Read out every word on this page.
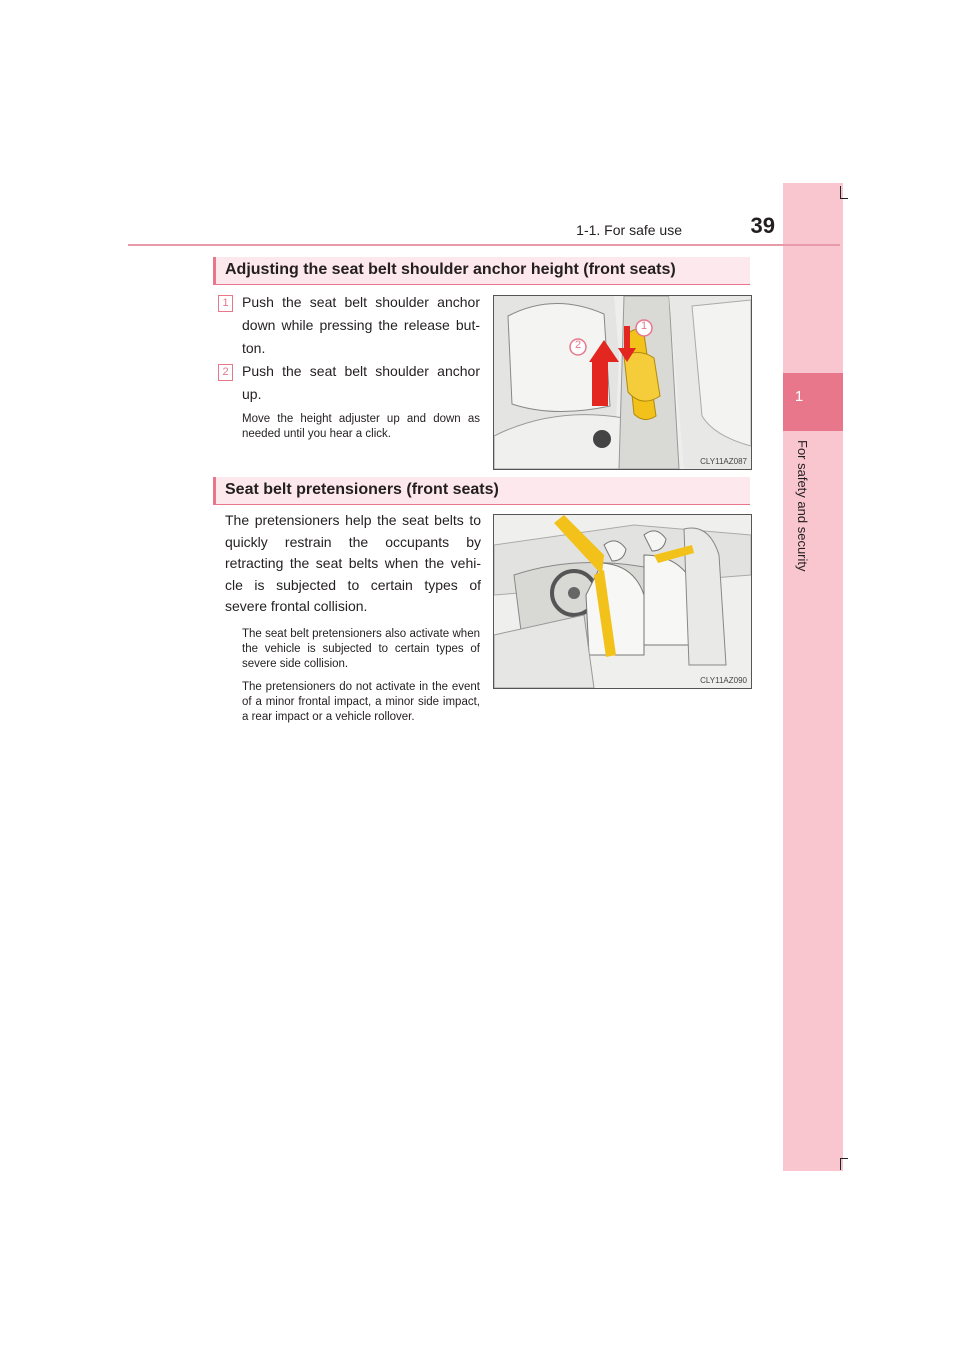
1
For safety and security
1-1. For safe use	39
Adjusting the seat belt shoulder anchor height (front seats)
1 Push the seat belt shoulder anchor down while pressing the release but-ton.
2 Push the seat belt shoulder anchor up.
Move the height adjuster up and down as needed until you hear a click.
1
2
CLY11AZ087
Seat belt pretensioners (front seats)
The pretensioners help the seat belts to quickly restrain the occupants by retracting the seat belts when the vehi-cle is subjected to certain types of severe frontal collision.
The seat belt pretensioners also activate when the vehicle is subjected to certain types of severe side collision.
The pretensioners do not activate in the event of a minor frontal impact, a minor side impact, a rear impact or a vehicle rollover.
CLY11AZ090
